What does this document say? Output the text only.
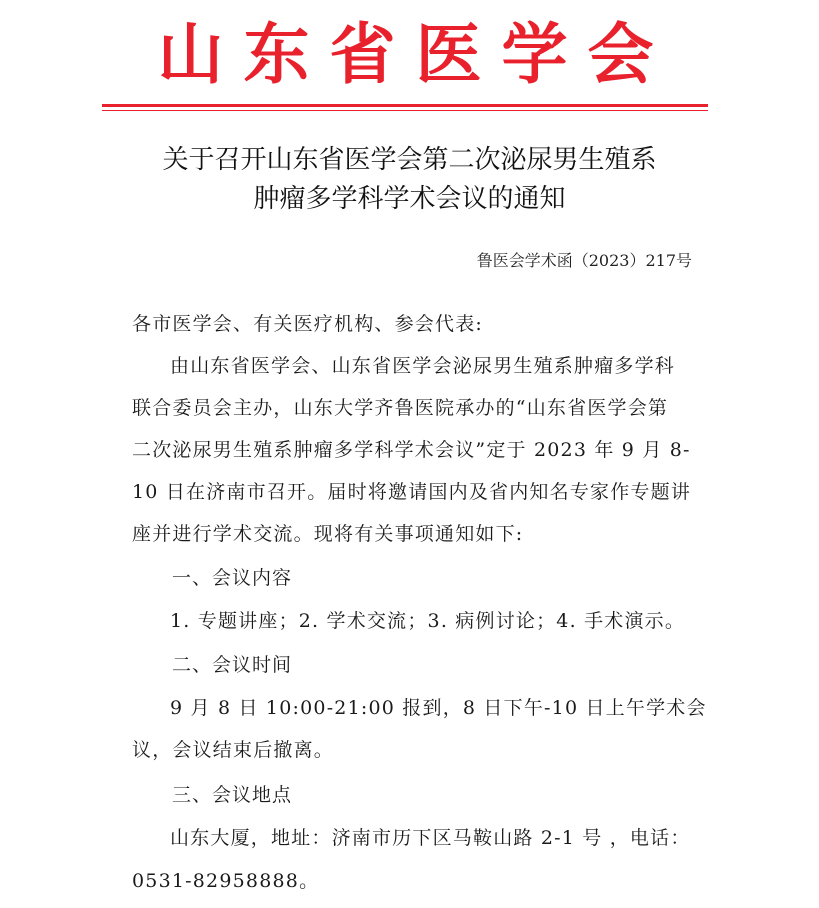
山东省医学会
关于召开山东省医学会第二次泌尿男生殖系
肿瘤多学科学术会议的通知
鲁医会学术函（2023）217号
各市医学会、有关医疗机构、参会代表:
由山东省医学会、山东省医学会泌尿男生殖系肿瘤多学科
联合委员会主办，山东大学齐鲁医院承办的“山东省医学会第
二次泌尿男生殖系肿瘤多学科学术会议”定于 2023 年 9 月 8-
10 日在济南市召开。届时将邀请国内及省内知名专家作专题讲
座并进行学术交流。现将有关事项通知如下:
一、会议内容
1. 专题讲座；2. 学术交流；3. 病例讨论；4. 手术演示。
二、会议时间
9 月 8 日 10:00-21:00 报到，8 日下午-10 日上午学术会
议，会议结束后撤离。
三、会议地点
山东大厦，地址：济南市历下区马鞍山路 2-1 号 ，电话：
0531-82958888。
